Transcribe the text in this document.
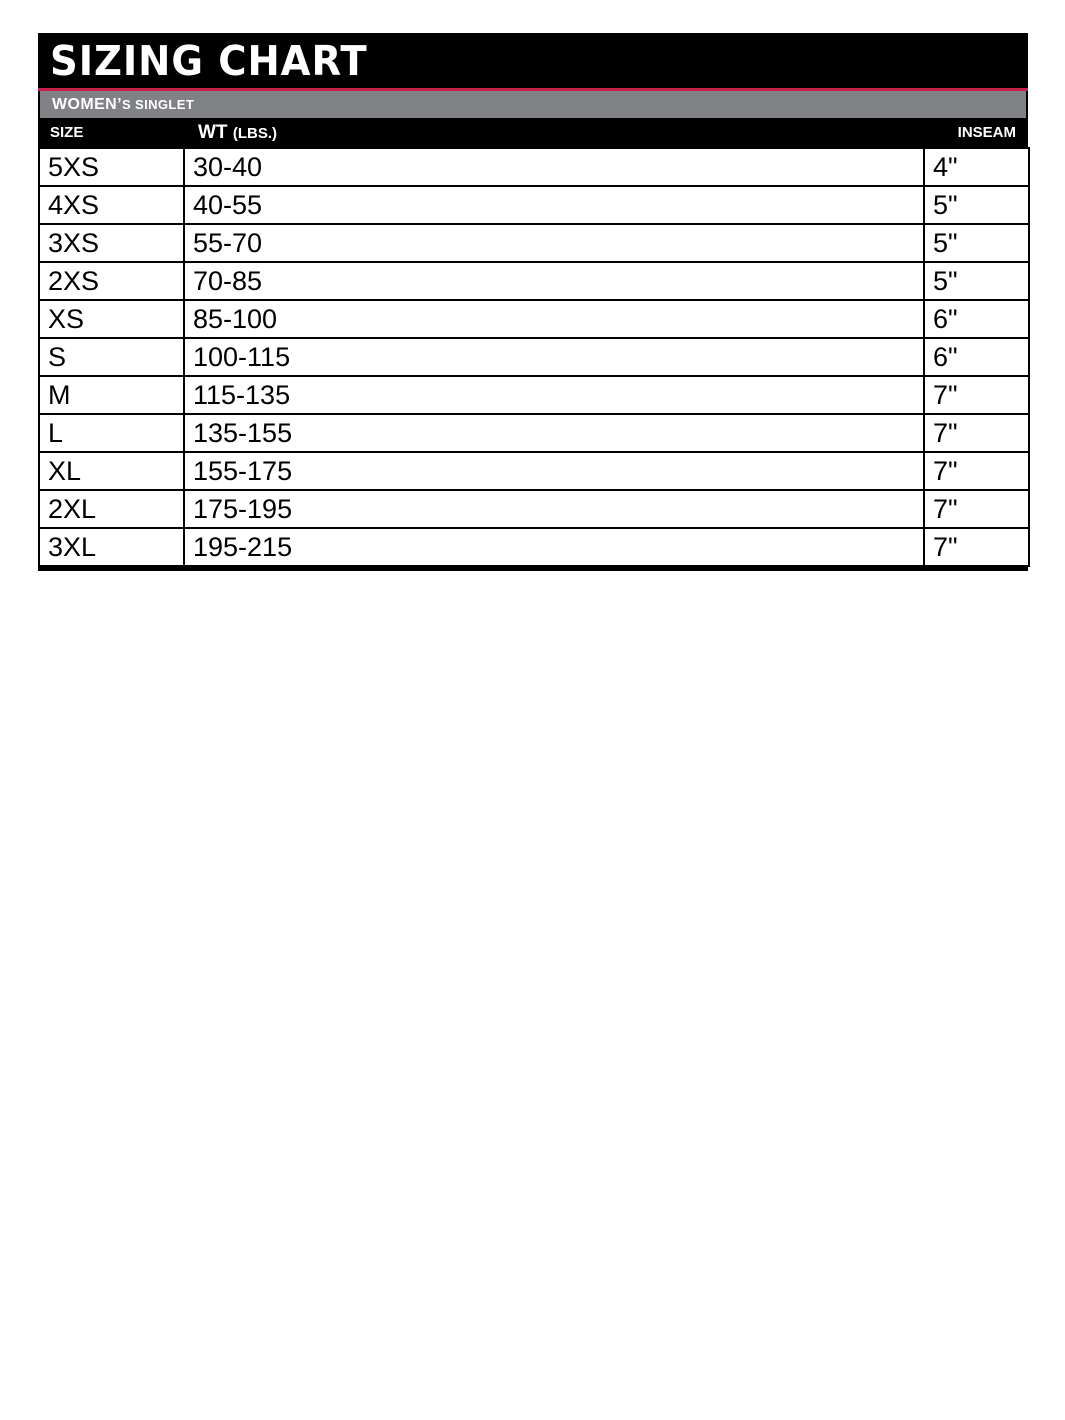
SIZING CHART
WOMEN’S SINGLET
SIZE	WT (LBS.)	INSEAM
5XS	30-40	4"
4XS	40-55	5"
3XS	55-70	5"
2XS	70-85	5"
XS	85-100	6"
S	100-115	6"
M	115-135	7"
L	135-155	7"
XL	155-175	7"
2XL	175-195	7"
3XL	195-215	7"
